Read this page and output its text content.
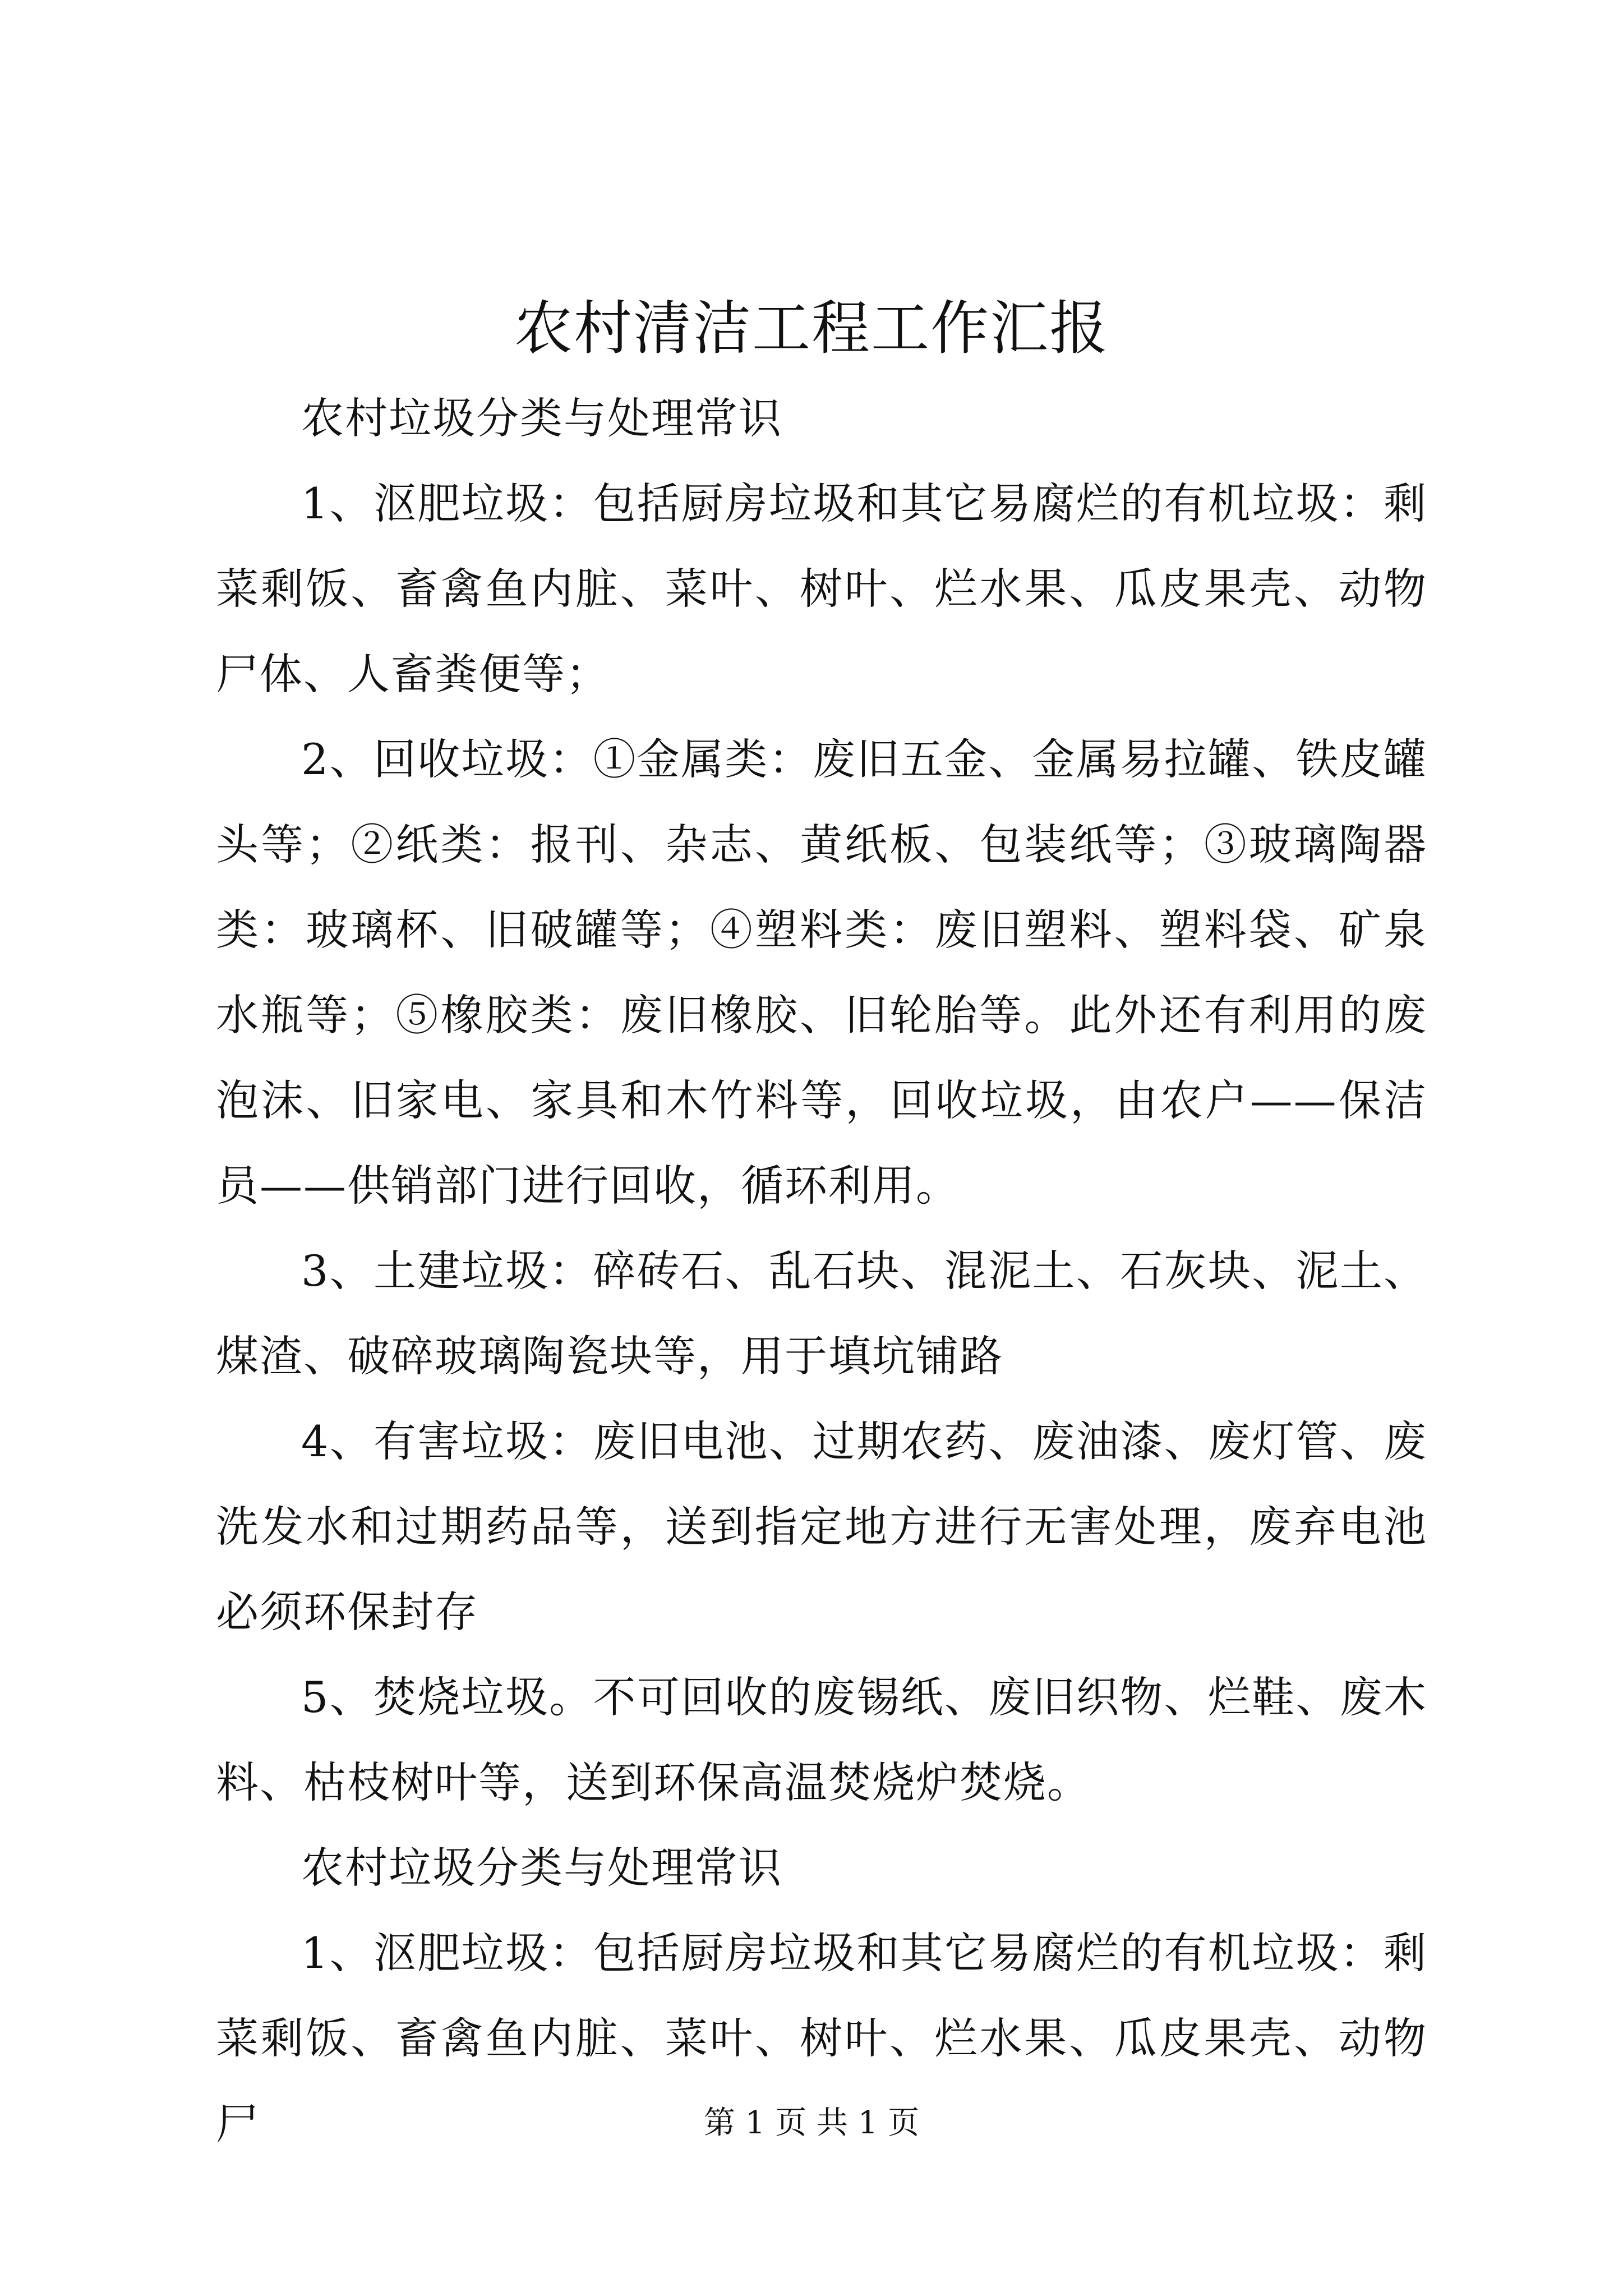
农村清洁工程工作汇报

农村垃圾分类与处理常识

1、沤肥垃圾：包括厨房垃圾和其它易腐烂的有机垃圾：剩菜剩饭、畜禽鱼内脏、菜叶、树叶、烂水果、瓜皮果壳、动物尸体、人畜粪便等；

2、回收垃圾：①金属类：废旧五金、金属易拉罐、铁皮罐头等；②纸类：报刊、杂志、黄纸板、包装纸等；③玻璃陶器类：玻璃杯、旧破罐等；④塑料类：废旧塑料、塑料袋、矿泉水瓶等；⑤橡胶类：废旧橡胶、旧轮胎等。此外还有利用的废泡沫、旧家电、家具和木竹料等，回收垃圾，由农户——保洁员——供销部门进行回收，循环利用。

3、土建垃圾：碎砖石、乱石块、混泥土、石灰块、泥土、煤渣、破碎玻璃陶瓷块等，用于填坑铺路

4、有害垃圾：废旧电池、过期农药、废油漆、废灯管、废洗发水和过期药品等，送到指定地方进行无害处理，废弃电池必须环保封存

5、焚烧垃圾。不可回收的废锡纸、废旧织物、烂鞋、废木料、枯枝树叶等，送到环保高温焚烧炉焚烧。

农村垃圾分类与处理常识

1、沤肥垃圾：包括厨房垃圾和其它易腐烂的有机垃圾：剩菜剩饭、畜禽鱼内脏、菜叶、树叶、烂水果、瓜皮果壳、动物尸	第 1 页 共 1 页
